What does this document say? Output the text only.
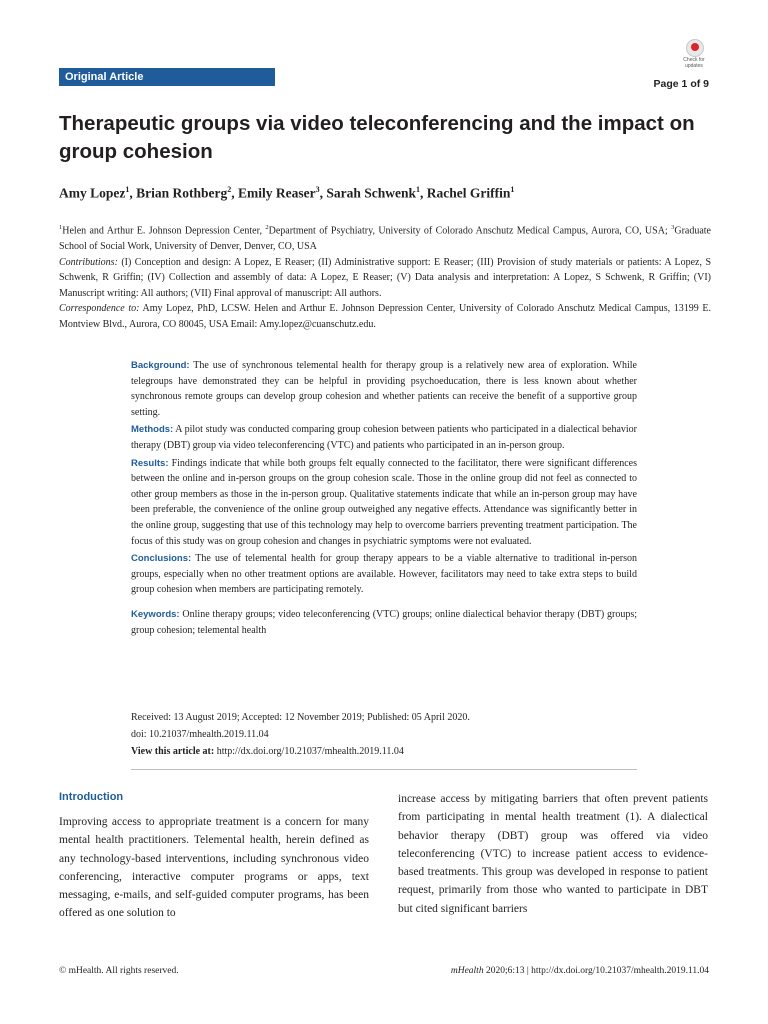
Original Article
Check for updates
Page 1 of 9
Therapeutic groups via video teleconferencing and the impact on group cohesion
Amy Lopez$^1$, Brian Rothberg$^2$, Emily Reaser$^3$, Sarah Schwenk$^1$, Rachel Griffin$^1$
$^1$Helen and Arthur E. Johnson Depression Center, $^2$Department of Psychiatry, University of Colorado Anschutz Medical Campus, Aurora, CO, USA; $^3$Graduate School of Social Work, University of Denver, Denver, CO, USA
Contributions: (I) Conception and design: A Lopez, E Reaser; (II) Administrative support: E Reaser; (III) Provision of study materials or patients: A Lopez, S Schwenk, R Griffin; (IV) Collection and assembly of data: A Lopez, E Reaser; (V) Data analysis and interpretation: A Lopez, S Schwenk, R Griffin; (VI) Manuscript writing: All authors; (VII) Final approval of manuscript: All authors.
Correspondence to: Amy Lopez, PhD, LCSW. Helen and Arthur E. Johnson Depression Center, University of Colorado Anschutz Medical Campus, 13199 E. Montview Blvd., Aurora, CO 80045, USA Email: Amy.lopez@cuanschutz.edu.

Background: The use of synchronous telemental health for therapy group is a relatively new area of exploration. While telegroups have demonstrated they can be helpful in providing psychoeducation, there is less known about whether synchronous remote groups can develop group cohesion and whether patients can receive the benefit of a supportive group setting.

Methods: A pilot study was conducted comparing group cohesion between patients who participated in a dialectical behavior therapy (DBT) group via video teleconferencing (VTC) and patients who participated in an in-person group.

Results: Findings indicate that while both groups felt equally connected to the facilitator, there were significant differences between the online and in-person groups on the group cohesion scale. Those in the online group did not feel as connected to other group members as those in the in-person group. Qualitative statements indicate that while an in-person group may have been preferable, the convenience of the online group outweighed any negative effects. Attendance was significantly better in the online group, suggesting that use of this technology may help to overcome barriers preventing treatment participation. The focus of this study was on group cohesion and changes in psychiatric symptoms were not evaluated.

Conclusions: The use of telemental health for group therapy appears to be a viable alternative to traditional in-person groups, especially when no other treatment options are available. However, facilitators may need to take extra steps to build group cohesion when members are participating remotely.

Keywords: Online therapy groups; video teleconferencing (VTC) groups; online dialectical behavior therapy (DBT) groups; group cohesion; telemental health

Received: 13 August 2019; Accepted: 12 November 2019; Published: 05 April 2020.
doi: 10.21037/mhealth.2019.11.04
View this article at: http://dx.doi.org/10.21037/mhealth.2019.11.04
Introduction
Improving access to appropriate treatment is a concern for many mental health practitioners. Telemental health, herein defined as any technology-based interventions, including synchronous video conferencing, interactive computer programs or apps, text messaging, e-mails, and self-guided computer programs, has been offered as one solution to
increase access by mitigating barriers that often prevent patients from participating in mental health treatment (1). A dialectical behavior therapy (DBT) group was offered via video teleconferencing (VTC) to increase patient access to evidence-based treatments. This group was developed in response to patient request, primarily from those who wanted to participate in DBT but cited significant barriers
© mHealth. All rights reserved.	mHealth 2020;6:13 | http://dx.doi.org/10.21037/mhealth.2019.11.04
